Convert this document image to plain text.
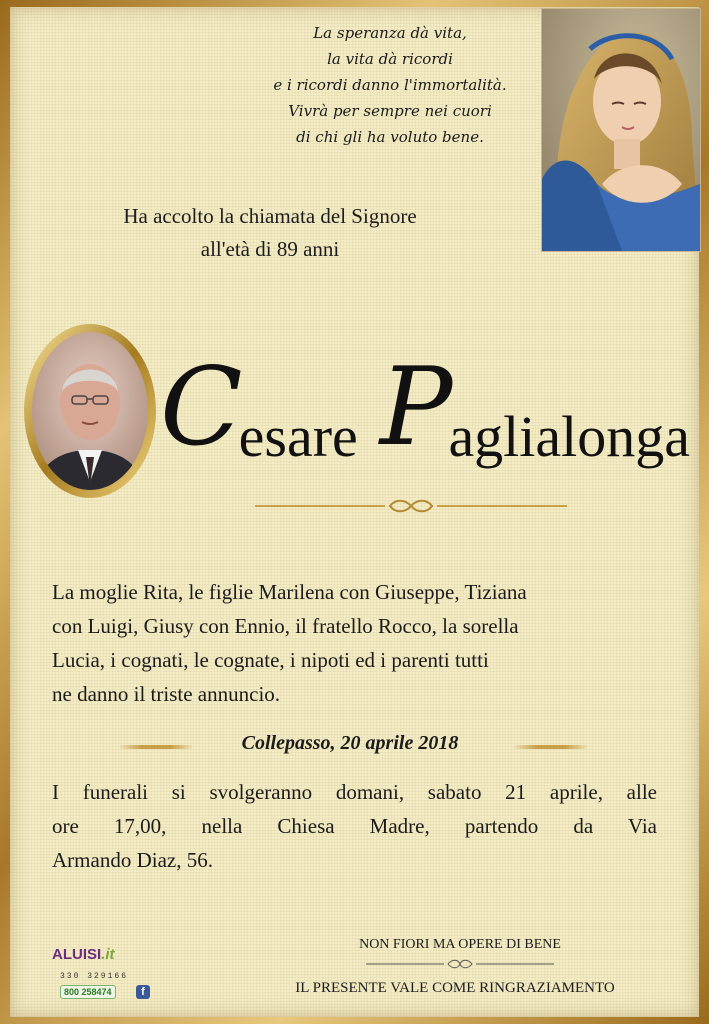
La speranza dà vita,
la vita dà ricordi
e i ricordi danno l'immortalità.
Vivrà per sempre nei cuori
di chi gli ha voluto bene.
Ha accolto la chiamata del Signore
all'età di 89 anni
Cesare Paglialonga
La moglie Rita, le figlie Marilena con Giuseppe, Tiziana
con Luigi, Giusy con Ennio, il fratello Rocco, la sorella
Lucia, i cognati, le cognate, i nipoti ed i parenti tutti
ne danno il triste annuncio.
Collepasso, 20 aprile 2018
I funerali si svolgeranno domani, sabato 21 aprile, alle
ore 17,00, nella Chiesa Madre, partendo da Via
Armando Diaz, 56.
ALUISI.it
330 329166
800 258474	f
NON FIORI MA OPERE DI BENE
IL PRESENTE VALE COME RINGRAZIAMENTO
